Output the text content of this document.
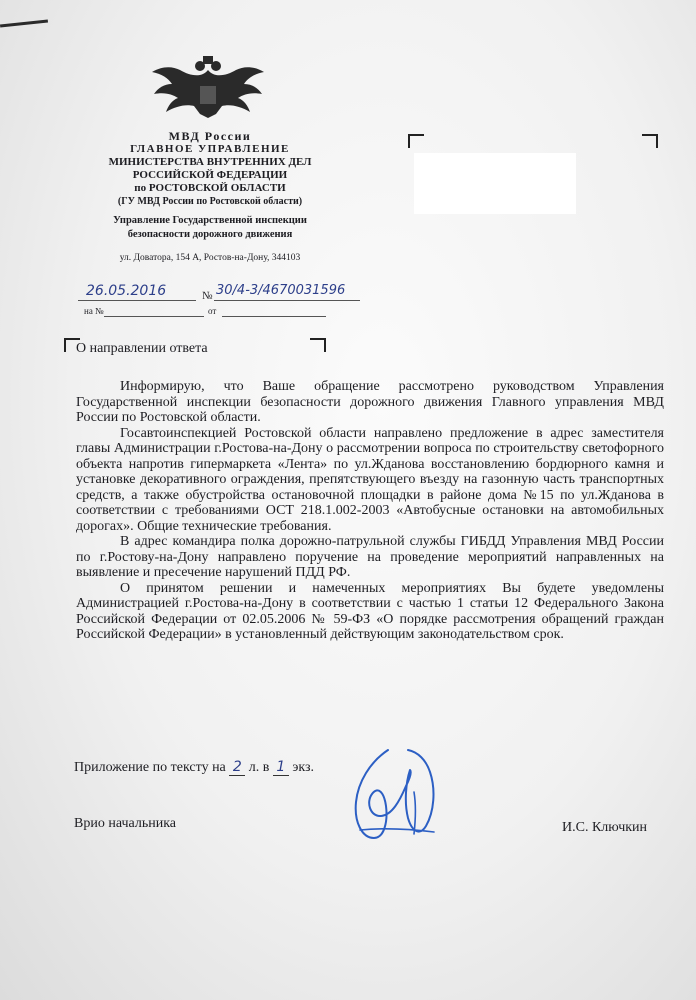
МВД России
ГЛАВНОЕ УПРАВЛЕНИЕ
МИНИСТЕРСТВА ВНУТРЕННИХ ДЕЛ
РОССИЙСКОЙ ФЕДЕРАЦИИ
по РОСТОВСКОЙ ОБЛАСТИ
(ГУ МВД России по Ростовской области)
Управление Государственной инспекции
безопасности дорожного движения
ул. Доватора, 154 А, Ростов-на-Дону, 344103
26.05.2016	№ 30/4-3/4670031596
на №	от
О направлении ответа

Информирую, что Ваше обращение рассмотрено руководством Управления Государственной инспекции безопасности дорожного движения Главного управления МВД России по Ростовской области.

Госавтоинспекцией Ростовской области направлено предложение в адрес заместителя главы Администрации г.Ростова-на-Дону о рассмотрении вопроса по строительству светофорного объекта напротив гипермаркета «Лента» по ул.Жданова восстановлению бордюрного камня и установке декоративного ограждения, препятствующего въезду на газонную часть транспортных средств, а также обустройства остановочной площадки в районе дома №15 по ул.Жданова в соответствии с требованиями ОСТ 218.1.002-2003 «Автобусные остановки на автомобильных дорогах». Общие технические требования.

В адрес командира полка дорожно-патрульной службы ГИБДД Управления МВД России по г.Ростову-на-Дону направлено поручение на проведение мероприятий направленных на выявление и пресечение нарушений ПДД РФ.

О принятом решении и намеченных мероприятиях Вы будете уведомлены Администрацией г.Ростова-на-Дону в соответствии с частью 1 статьи 12 Федерального Закона Российской Федерации от 02.05.2006 № 59-ФЗ «О порядке рассмотрения обращений граждан Российской Федерации» в установленный действующим законодательством срок.

Приложение по тексту на 2 л. в 1 экз.
Врио начальника	И.С. Ключкин
